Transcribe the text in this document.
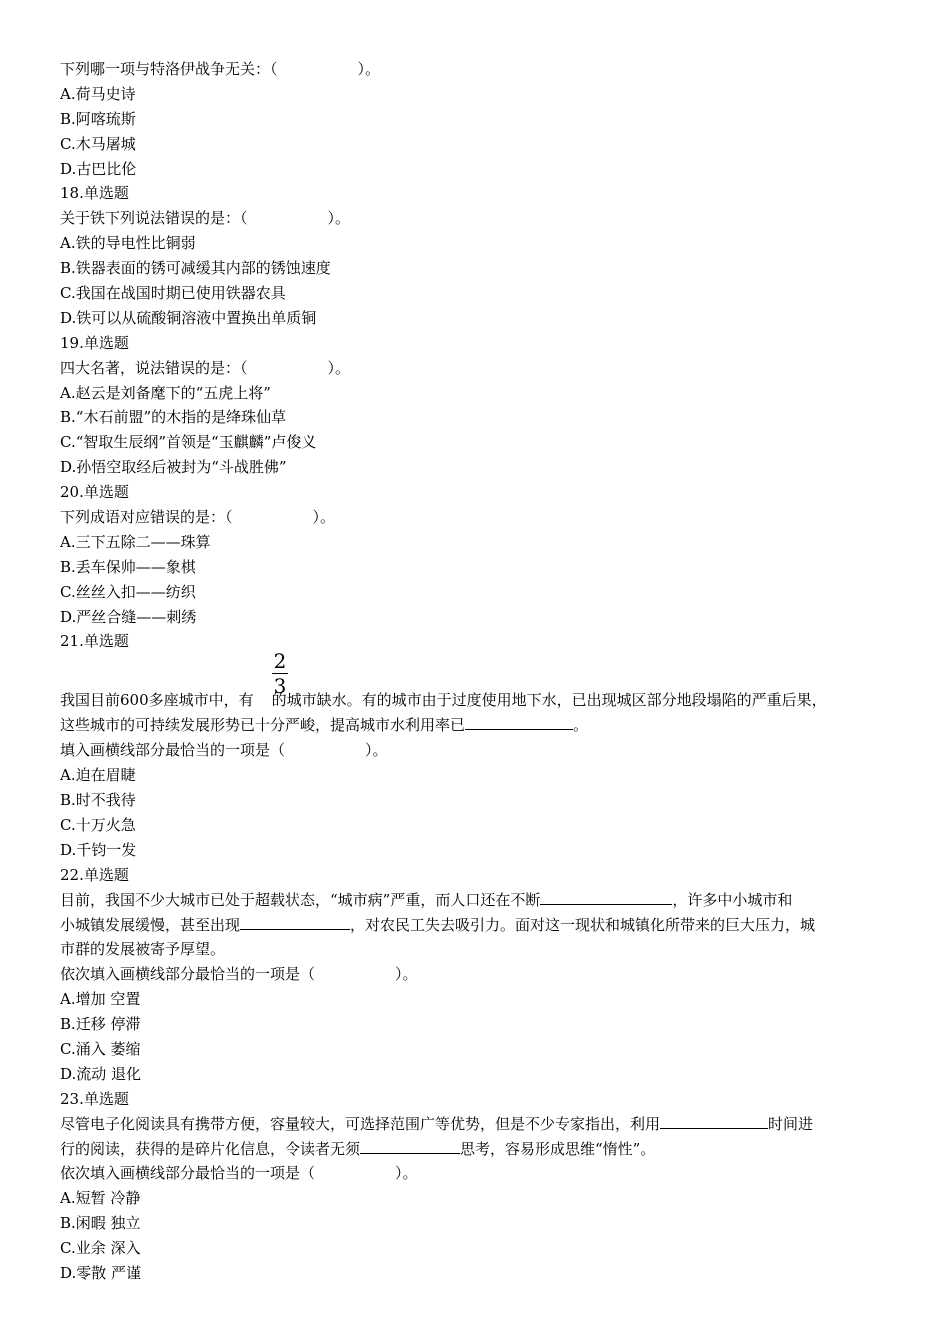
下列哪一项与特洛伊战争无关：（	）。
A.荷马史诗
B.阿喀琉斯
C.木马屠城
D.古巴比伦
18.单选题
关于铁下列说法错误的是：（	）。
A.铁的导电性比铜弱
B.铁器表面的锈可减缓其内部的锈蚀速度
C.我国在战国时期已使用铁器农具
D.铁可以从硫酸铜溶液中置换出单质铜
19.单选题
四大名著，说法错误的是：（	）。
A.赵云是刘备麾下的“五虎上将”
B.“木石前盟”的木指的是绛珠仙草
C.“智取生辰纲”首领是“玉麒麟”卢俊义
D.孙悟空取经后被封为“斗战胜佛”
20.单选题
下列成语对应错误的是：（	）。
A.三下五除二——珠算
B.丢车保帅——象棋
C.丝丝入扣——纺织
D.严丝合缝——刺绣
21.单选题
2
3
我国目前600多座城市中，有 的城市缺水。有的城市由于过度使用地下水，已出现城区部分地段塌陷的严重后果，
这些城市的可持续发展形势已十分严峻，提高城市水利用率已	。
填入画横线部分最恰当的一项是（	）。
A.迫在眉睫
B.时不我待
C.十万火急
D.千钧一发
22.单选题
目前，我国不少大城市已处于超载状态，“城市病”严重，而人口还在不断	，许多中小城市和
小城镇发展缓慢，甚至出现	，对农民工失去吸引力。面对这一现状和城镇化所带来的巨大压力，城
市群的发展被寄予厚望。
依次填入画横线部分最恰当的一项是（	）。
A.增加 空置
B.迁移 停滞
C.涌入 萎缩
D.流动 退化
23.单选题
尽管电子化阅读具有携带方便，容量较大，可选择范围广等优势，但是不少专家指出，利用	时间进
行的阅读，获得的是碎片化信息，令读者无须	思考，容易形成思维“惰性”。
依次填入画横线部分最恰当的一项是（	）。
A.短暂 冷静
B.闲暇 独立
C.业余 深入
D.零散 严谨
